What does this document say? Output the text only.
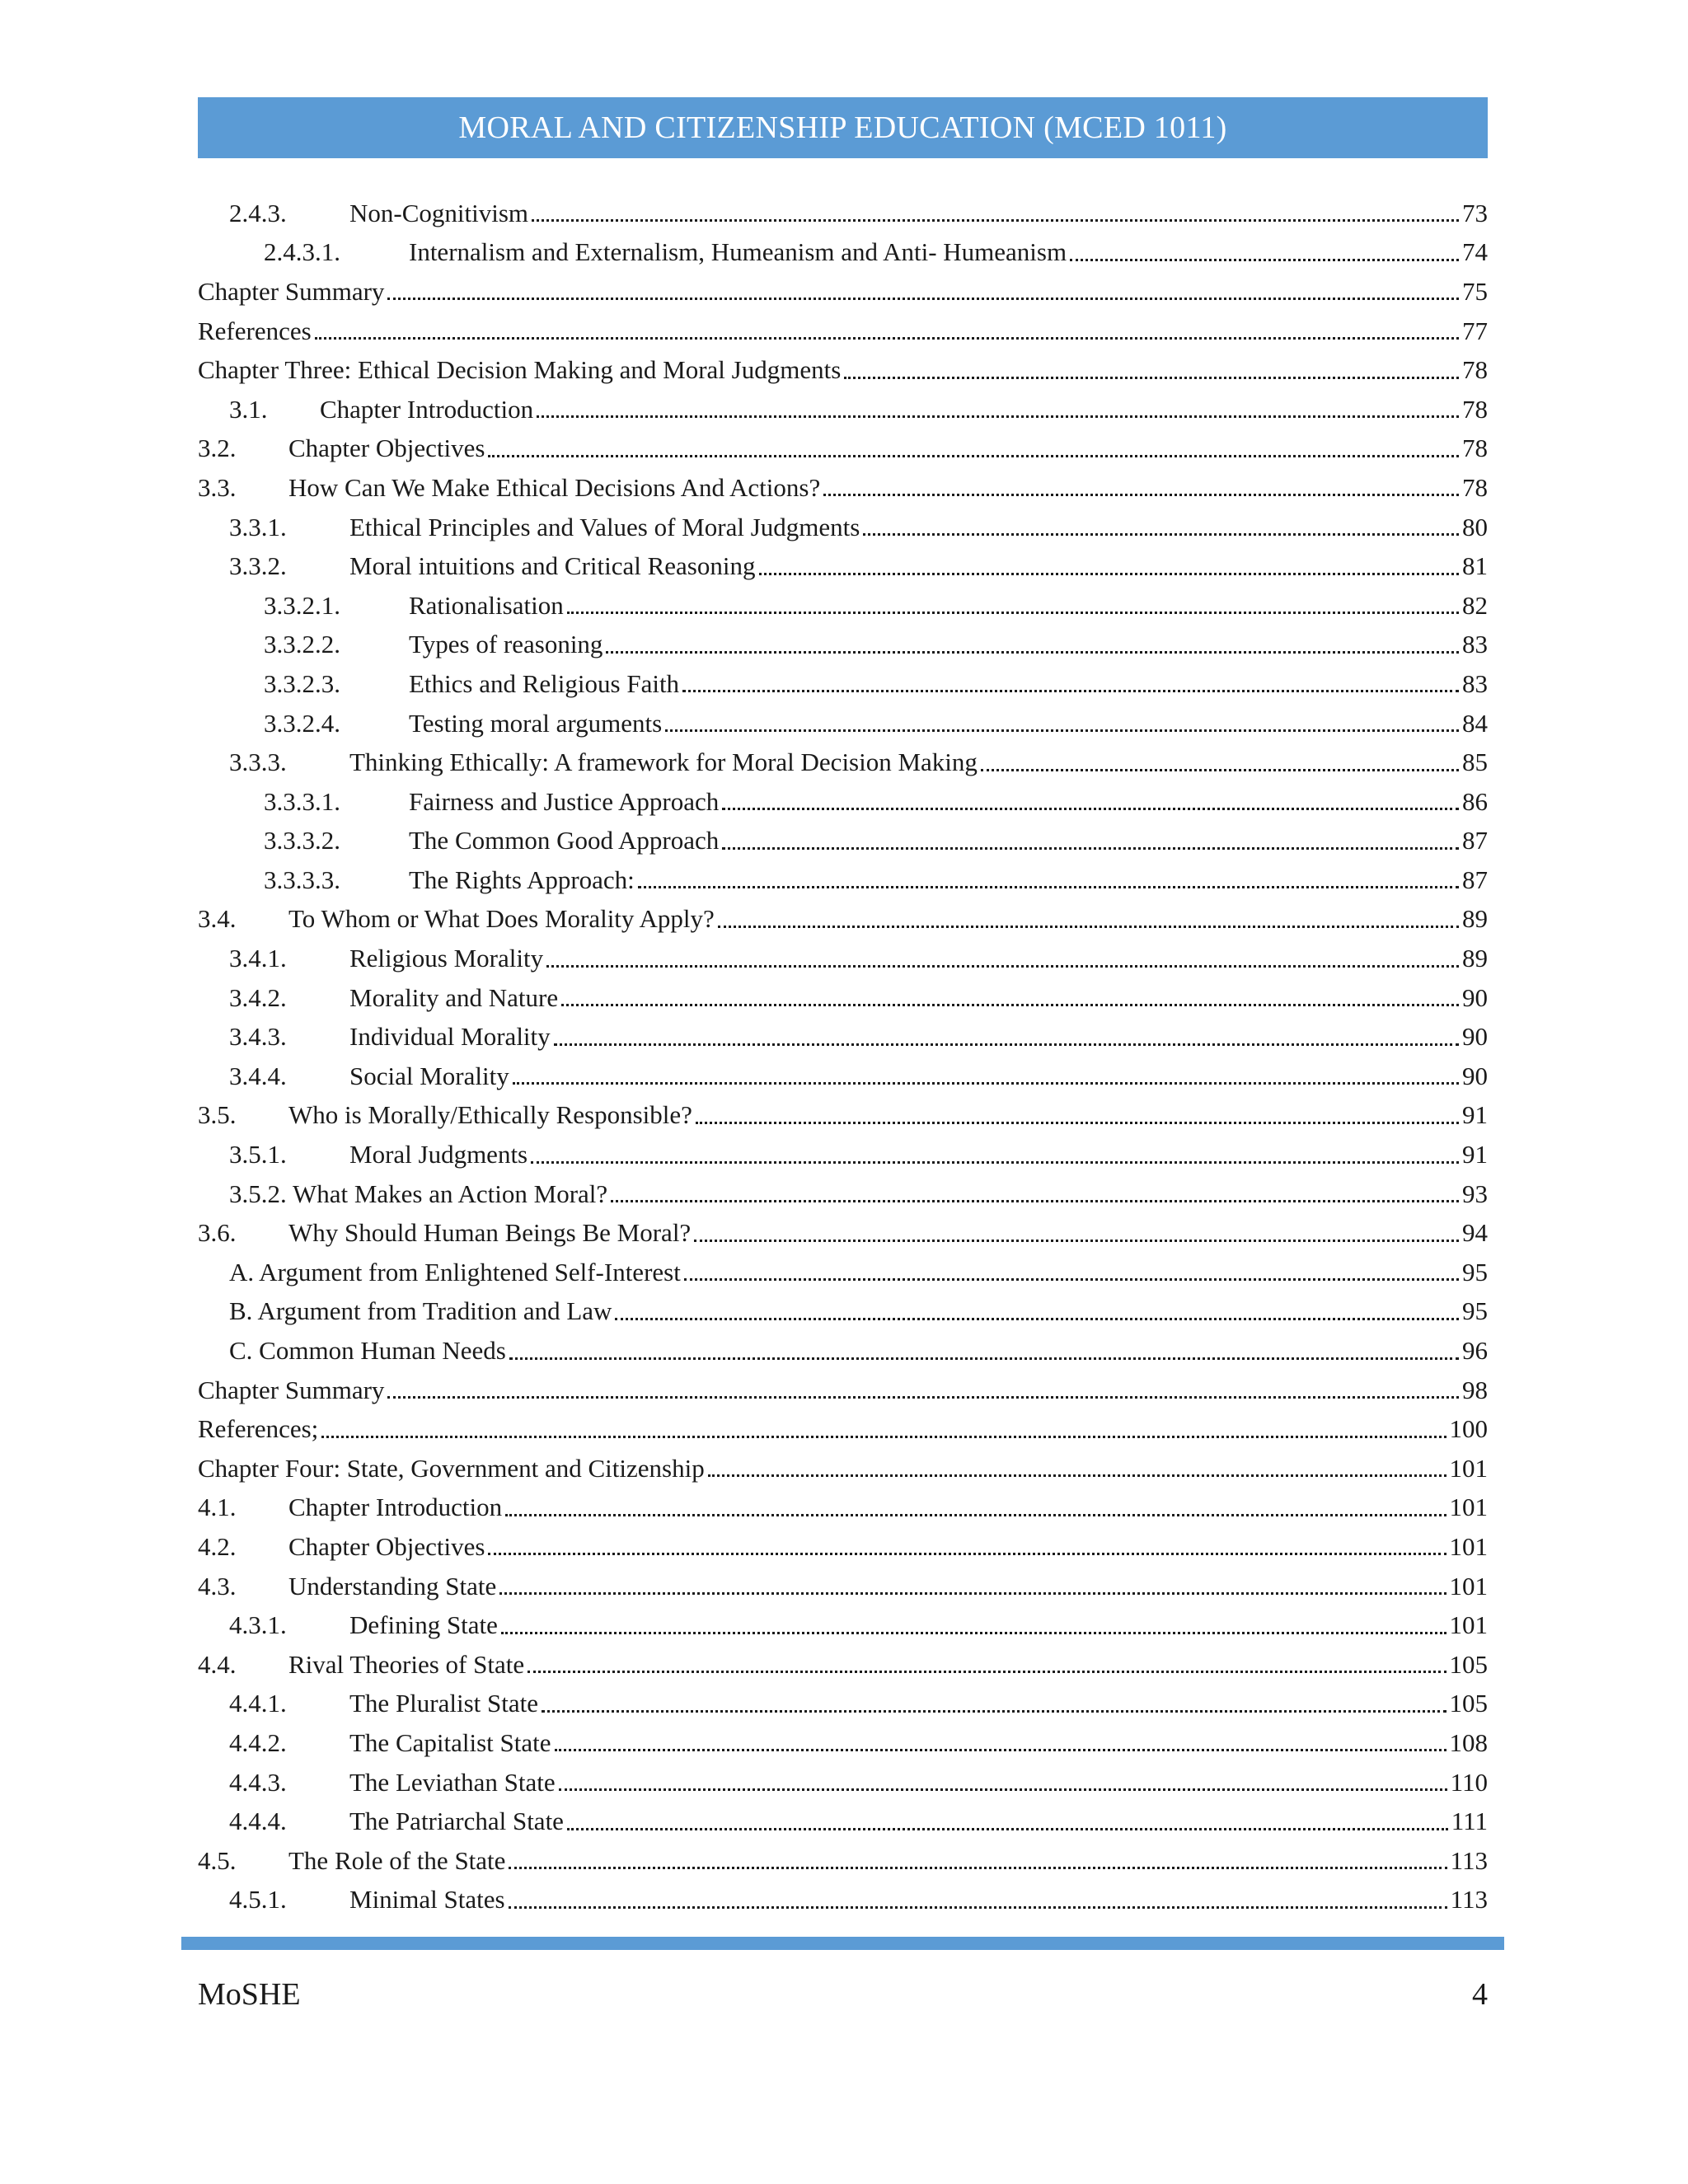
MORAL AND CITIZENSHIP EDUCATION (MCED 1011)
2.4.3.	Non-Cognitivism	73
2.4.3.1.	Internalism and Externalism, Humeanism and Anti- Humeanism	74
Chapter Summary	75
References	77
Chapter Three: Ethical Decision Making and Moral Judgments	78
3.1.	Chapter Introduction	78
3.2.	Chapter Objectives	78
3.3.	How Can We Make Ethical Decisions And Actions?	78
3.3.1.	Ethical Principles and Values of Moral Judgments	80
3.3.2.	Moral intuitions and Critical Reasoning	81
3.3.2.1.	Rationalisation	82
3.3.2.2.	Types of reasoning	83
3.3.2.3.	Ethics and Religious Faith	83
3.3.2.4.	Testing moral arguments	84
3.3.3.	Thinking Ethically: A framework for Moral Decision Making	85
3.3.3.1.	Fairness and Justice Approach	86
3.3.3.2.	The Common Good Approach	87
3.3.3.3.	The Rights Approach:	87
3.4.	To Whom or What Does Morality Apply?	89
3.4.1.	Religious Morality	89
3.4.2.	Morality and Nature	90
3.4.3.	Individual Morality	90
3.4.4.	Social Morality	90
3.5.	Who is Morally/Ethically Responsible?	91
3.5.1.	Moral Judgments	91
3.5.2. What Makes an Action Moral?	93
3.6.	Why Should Human Beings Be Moral?	94
A. Argument from Enlightened Self-Interest	95
B. Argument from Tradition and Law	95
C. Common Human Needs	96
Chapter Summary	98
References;	100
Chapter Four: State, Government and Citizenship	101
4.1.	Chapter Introduction	101
4.2.	Chapter Objectives	101
4.3.	Understanding State	101
4.3.1.	Defining State	101
4.4.	Rival Theories of State	105
4.4.1.	The Pluralist State	105
4.4.2.	The Capitalist State	108
4.4.3.	The Leviathan State	110
4.4.4.	The Patriarchal State	111
4.5.	The Role of the State	113
4.5.1.	Minimal States	113
MoSHE	4
